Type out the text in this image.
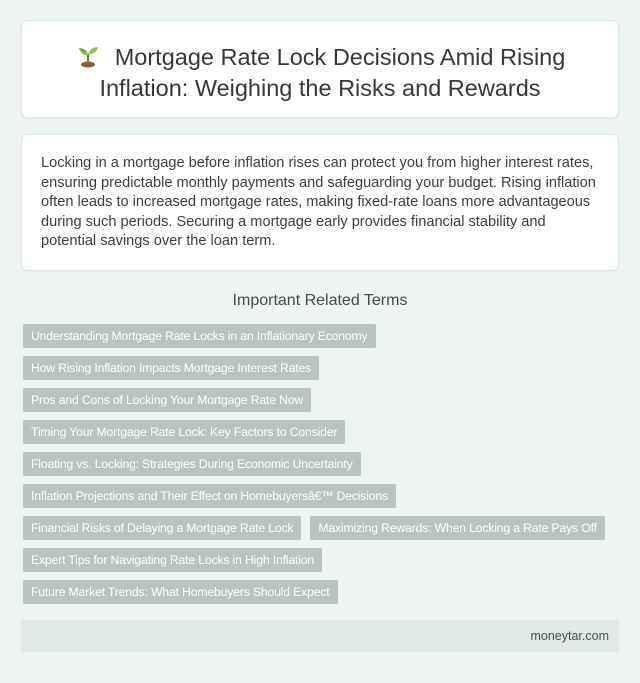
Mortgage Rate Lock Decisions Amid Rising Inflation: Weighing the Risks and Rewards

Locking in a mortgage before inflation rises can protect you from higher interest rates, ensuring predictable monthly payments and safeguarding your budget. Rising inflation often leads to increased mortgage rates, making fixed-rate loans more advantageous during such periods. Securing a mortgage early provides financial stability and potential savings over the loan term.

Important Related Terms
Understanding Mortgage Rate Locks in an Inflationary Economy
How Rising Inflation Impacts Mortgage Interest Rates
Pros and Cons of Locking Your Mortgage Rate Now
Timing Your Mortgage Rate Lock: Key Factors to Consider
Floating vs. Locking: Strategies During Economic Uncertainty
Inflation Projections and Their Effect on Homebuyersâ€™ Decisions
Financial Risks of Delaying a Mortgage Rate Lock	Maximizing Rewards: When Locking a Rate Pays Off
Expert Tips for Navigating Rate Locks in High Inflation
Future Market Trends: What Homebuyers Should Expect
moneytar.com
